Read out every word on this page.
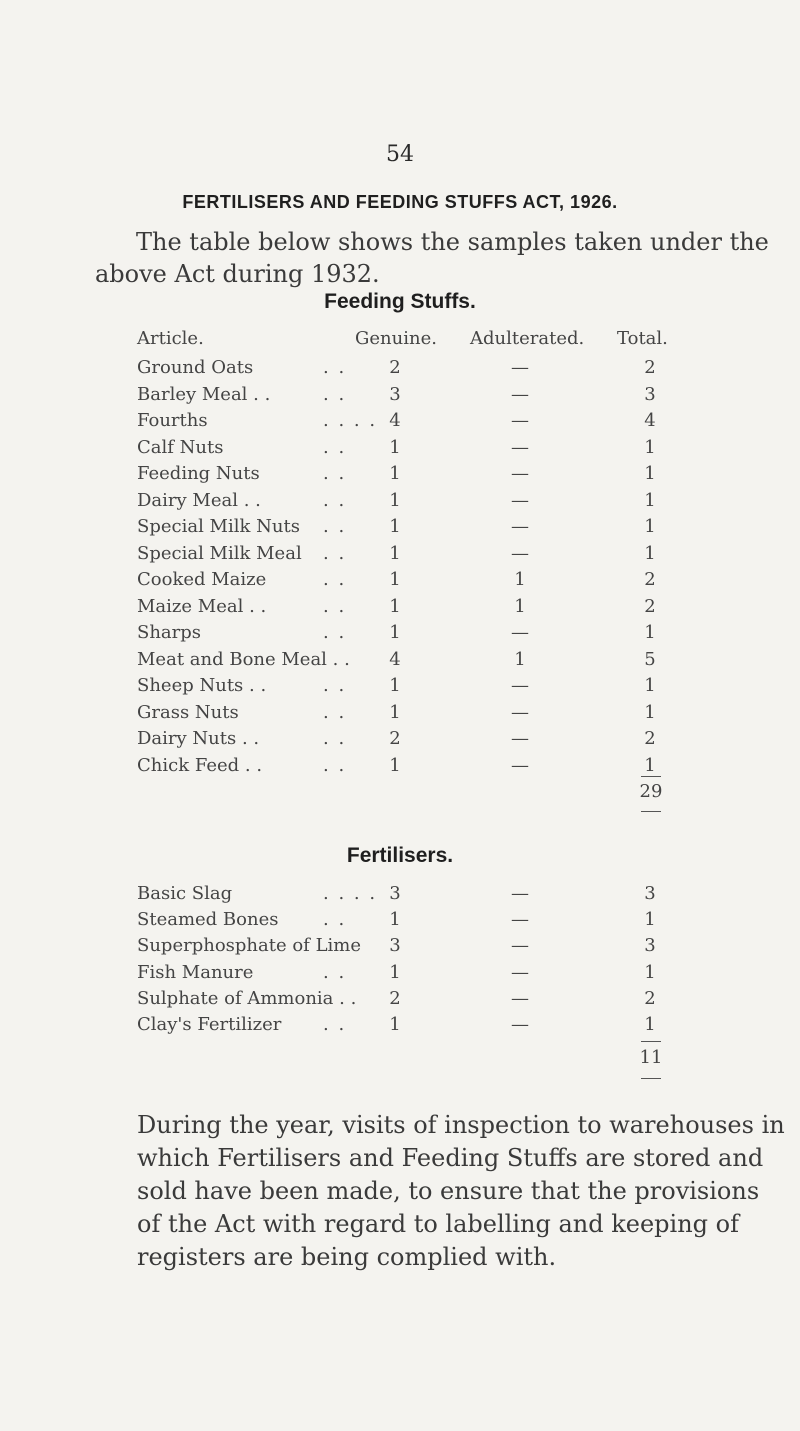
54
FERTILISERS AND FEEDING STUFFS ACT, 1926.
The table below shows the samples taken under the
above Act during 1932.
Feeding Stuffs.
Article.	Genuine. Adulterated. Total.
Ground Oats	. . 2	—	2
Barley Meal . .	. . 3	—	3
Fourths	. . . . 4	—	4
Calf Nuts	. . 1	—	1
Feeding Nuts	. . 1	—	1
Dairy Meal . .	. . 1	—	1
Special Milk Nuts . . 1	—	1
Special Milk Meal . . 1	—	1
Cooked Maize	. . 1	1	2
Maize Meal . .	. . 1	1	2
Sharps	. . 1	—	1
Meat and Bone Meal . . 4	1	5
Sheep Nuts . .	. . 1	—	1
Grass Nuts	. . 1	—	1
Dairy Nuts . .	. . 2	—	2
Chick Feed . .	. . 1	—	1
29
Fertilisers.
Basic Slag	. . . . 3	—	3
Steamed Bones . . 1	—	1
Superphosphate of Lime 3	—	3
Fish Manure	. . 1	—	1
Sulphate of Ammonia . . 2	—	2
Clay's Fertilizer . . 1	—	1
11
During the year, visits of inspection to warehouses in which Fertilisers and Feeding Stuffs are stored and sold have been made, to ensure that the provisions of the Act with regard to labelling and keeping of registers are being complied with.
